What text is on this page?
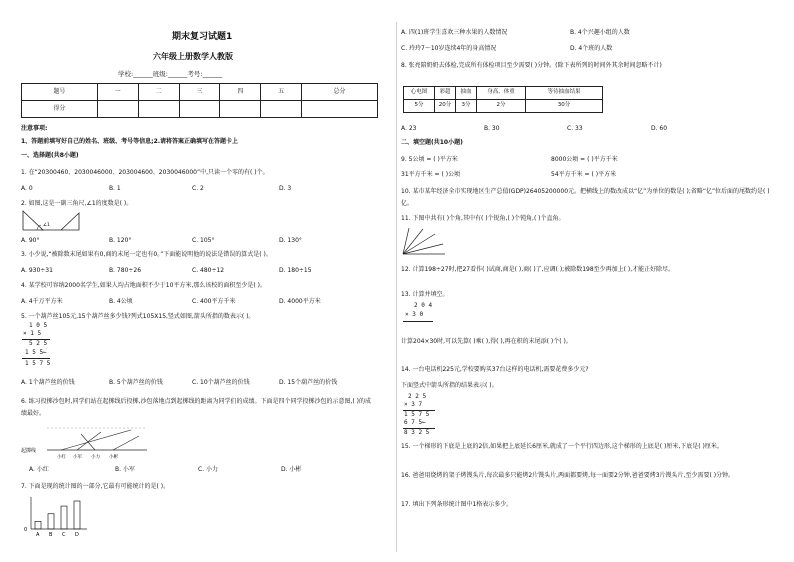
期末复习试题1
六年级上册数学人教版
学校:______班级:______考号:______
题号	一	二	三	四	五	总分
得分						
注意事项:
1、答题前填写好自己的姓名、班级、考号等信息;2.请将答案正确填写在答题卡上
一、选择题(共8小题)
1. 在“20300460、2030046000、203004600、2030046000”中,只读一个零的有( )个。
A. 0	B. 1	C. 2	D. 3
2. 如图,这是一副三角尺,∠1的度数是( )。
∠1
A. 90°	B. 120°	C. 105°	D. 130°
3. 小少说,“被除数末尾如果有0,商的末尾一定也有0。”下面能说明他的说法是错误的算式是( )。
A. 930÷31	B. 780÷26	C. 480÷12	D. 180÷15
4. 某学校可容纳2000名学生,如果人均占地面积不少于10平方米,那么该校的面积至少是( )。
A. 4千万平方米	B. 4公顷	C. 400平方千米	D. 4000平方米
5. 一个葫芦丝105元,15个葫芦丝多少钱?列式105X15,竖式如图,箭头所指的数表示( )。
1 0 5
× 1 5
5 2 5
1 5 5←
1 5 7 5
A. 1个葫芦丝的价钱	B. 5个葫芦丝的价钱	C. 10个葫芦丝的价钱	D. 15个葫芦丝的价钱
6. 练习投掷沙包时,同学们站在起掷线后投掷,沙包落地点到起掷线的距离为同学们的成绩。下面是四个同学投掷沙包的示意图,( )的成绩最好。
起掷线
小红 小军 小力 小彬
A. 小红	B. 小军	C. 小力	D. 小彬
7. 下面是现的统计图的一部分,它最有可能统计的是( )。
0
A B C D
A. 四(1)班学生喜欢三种水果的人数情况	B. 4个兴趣小组的人数
C. 玲玲7～10岁连续4年的身高情况	D. 4个班的人数
8. 张亮陪奶奶去体检,完成所有体检项目至少需要( )分钟。(除下表所列的时间外其余时间忽略不计)
心电图	彩超	抽血	身高、体重	等待抽血结果
5分	20分	3分	2分	30分
A. 23	B. 30	C. 33	D. 60
二、填空题(共10小题)
9. 5公顷 = ( )平方米	8000公顷 = ( )平方千米
31平方千米 = ( )公顷	54平方千米 = ( )平方米
10. 某市某年经济全市实现地区生产总值(GDP)26405200000元。把横线上的数改成以“亿”为单位的数是( );省略“亿”位后面的尾数约是( )亿。
11. 下图中共有( )个角,其中有( )个锐角,( )个钝角,( )个直角。
12. 计算198÷27时,把27看作( )试商,商是( ),商( )了,应调( );被除数198至少再加上( ),才能正好除尽。
13. 计算并填空。
2 0 4
× 3 0
计算204×30时,可以先算( )乘( ),得( ),再在积的末尾添( )个( )。
14. 一台电话机225元,学校要购买37台这样的电话机,需要花费多少元?
下面竖式中箭头所指的结果表示( )。
2 2 5
× 3 7
1 5 7 5
6 7 5←
8 3 2 5
15. 一个梯形的下底是上底的2倍,如果把上底延长6厘米,就成了一个平行四边形,这个梯形的上底是( )厘米,下底是( )厘米。
16. 爸爸用烧烤的架子烤馒头片,每次最多只能烤2片馒头片,两面都要烤,每一面要2分钟,爸爸要烤3片馒头片,至少需要( )分钟。
17. 填出下列条形统计图中1格表示多少。
